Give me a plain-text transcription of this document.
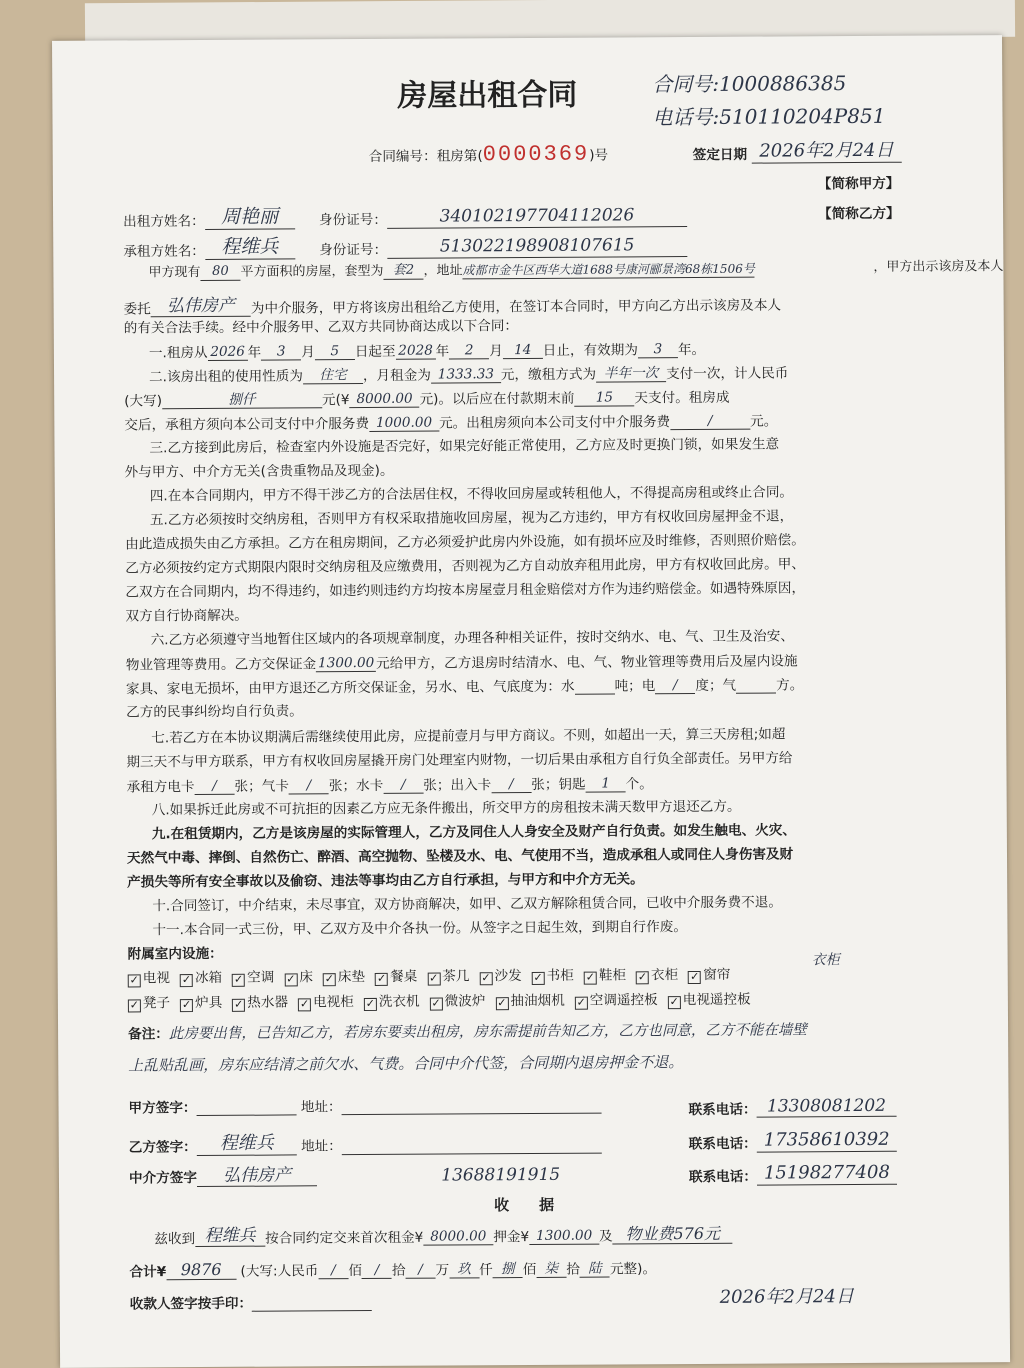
房屋出租合同	合同号:1000886385
电话号:510110204P851
合同编号：租房第(0000369)号	签定日期 2026年2月24日
出租方姓名： 周艳丽	身份证号：	340102197704112026
【简称甲方】
承租方姓名： 程维兵	身份证号：	513022198908107615
【简称乙方】
甲方现有 80 平方面积的房屋，套型为 套2 ，地址成都市金牛区西华大道1688号康河郦景湾68栋1506号	，甲方出示该房及本人
委托 弘伟房产 为中介服务，甲方将该房出租给乙方使用，在签订本合同时，甲方向乙方出示该房及本人
的有关合法手续。经中介服务甲、乙双方共同协商达成以下合同：
一.租房从 2026 年 3 月 5 日起至 2028 年 2 月 14 日止，有效期为 3 年。
二.该房出租的使用性质为 住宅 ，月租金为 1333.33 元，缴租方式为 半年一次 支付一次，计人民币
(大写)	捌仟	元(¥ 8000.00 元)。以后应在付款期末前 15 天支付。租房成
交后，承租方须向本公司支付中介服务费 1000.00 元。出租房须向本公司支付中介服务费	/	元。
三.乙方接到此房后，检查室内外设施是否完好，如果完好能正常使用，乙方应及时更换门锁，如果发生意
外与甲方、中介方无关(含贵重物品及现金)。
四.在本合同期内，甲方不得干涉乙方的合法居住权，不得收回房屋或转租他人，不得提高房租或终止合同。
五.乙方必须按时交纳房租，否则甲方有权采取措施收回房屋，视为乙方违约，甲方有权收回房屋押金不退，
由此造成损失由乙方承担。乙方在租房期间，乙方必须爱护此房内外设施，如有损坏应及时维修，否则照价赔偿。
乙方必须按约定方式期限内限时交纳房租及应缴费用，否则视为乙方自动放弃租用此房，甲方有权收回此房。甲、
乙双方在合同期内，均不得违约，如违约则违约方均按本房屋壹月租金赔偿对方作为违约赔偿金。如遇特殊原因，
双方自行协商解决。
六.乙方必须遵守当地暂住区域内的各项规章制度，办理各种相关证件，按时交纳水、电、气、卫生及治安、
物业管理等费用。乙方交保证金 1300.00 元给甲方，乙方退房时结清水、电、气、物业管理等费用后及屋内设施
家具、家电无损坏，由甲方退还乙方所交保证金，另水、电、气底度为：水	吨；电 / 度；气	方。
乙方的民事纠纷均自行负责。
七.若乙方在本协议期满后需继续使用此房，应提前壹月与甲方商议。不则，如超出一天，算三天房租;如超
期三天不与甲方联系，甲方有权收回房屋撬开房门处理室内财物，一切后果由承租方自行负全部责任。另甲方给
承租方电卡 / 张；气卡 / 张；水卡 / 张；出入卡 / 张；钥匙 1 个。
八.如果拆迁此房或不可抗拒的因素乙方应无条件搬出，所交甲方的房租按未满天数甲方退还乙方。
九.在租赁期内，乙方是该房屋的实际管理人，乙方及同住人人身安全及财产自行负责。如发生触电、火灾、
天然气中毒、摔倒、自然伤亡、醉酒、高空抛物、坠楼及水、电、气使用不当，造成承租人或同住人身伤害及财
产损失等所有安全事故以及偷窃、违法等事均由乙方自行承担，与甲方和中介方无关。
十.合同签订，中介结束，未尽事宜，双方协商解决，如甲、乙双方解除租赁合同，已收中介服务费不退。
十一.本合同一式三份，甲、乙双方及中介各执一份。从签字之日起生效，到期自行作废。
附属室内设施：
✓ 电视 ✓ 冰箱 ✓ 空调 ✓ 床 ✓ 床垫 ✓ 餐桌 ✓ 茶几 ✓ 沙发 ✓ 书柜 ✓ 鞋柜 ✓ 衣柜 ✓ 窗帘
衣柜
✓ 凳子 ✓ 炉具 ✓ 热水器 ✓ 电视柜 ✓ 洗衣机 ✓ 微波炉 ✓ 抽油烟机 ✓ 空调遥控板 ✓ 电视遥控板
备注：此房要出售，已告知乙方，若房东要卖出租房，房东需提前告知乙方，乙方也同意，乙方不能在墙壁
上乱贴乱画，房东应结清之前欠水、气费。合同中介代签，合同期内退房押金不退。
甲方签字：	地址：	联系电话： 13308081202
乙方签字： 程维兵 地址：	联系电话： 17358610392
中介方签字 弘伟房产	13688191915	联系电话： 15198277408
收　　据
兹收到 程维兵 按合同约定交来首次租金¥ 8000.00 押金¥ 1300.00 及 物业费576元
合计¥ 9876 (大写:人民币 / 佰 / 拾 / 万 玖 仟 捌 佰 柒 拾 陆 元整)。
收款人签字按手印：	2026年2月24日
